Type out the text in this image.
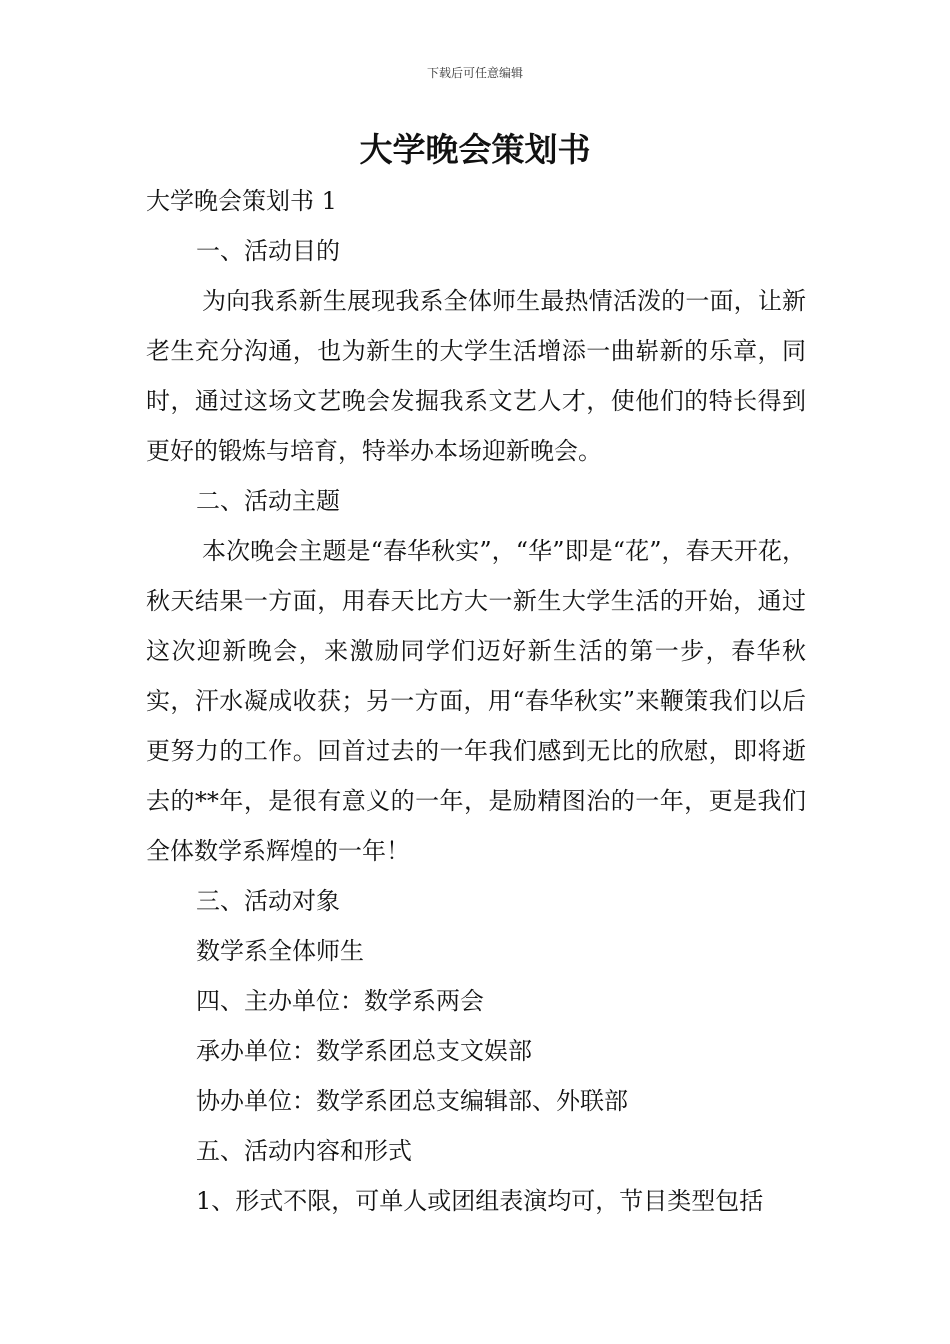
下载后可任意编辑
大学晚会策划书

大学晚会策划书 1

一、活动目的

为向我系新生展现我系全体师生最热情活泼的一面，让新老生充分沟通，也为新生的大学生活增添一曲崭新的乐章，同时，通过这场文艺晚会发掘我系文艺人才，使他们的特长得到更好的锻炼与培育，特举办本场迎新晚会。

二、活动主题

本次晚会主题是“春华秋实”，“华”即是“花”，春天开花，秋天结果一方面，用春天比方大一新生大学生活的开始，通过这次迎新晚会，来激励同学们迈好新生活的第一步，春华秋实，汗水凝成收获；另一方面，用“春华秋实”来鞭策我们以后更努力的工作。回首过去的一年我们感到无比的欣慰，即将逝去的**年，是很有意义的一年，是励精图治的一年，更是我们全体数学系辉煌的一年！

三、活动对象

数学系全体师生

四、主办单位：数学系两会

承办单位：数学系团总支文娱部

协办单位：数学系团总支编辑部、外联部

五、活动内容和形式

1、形式不限，可单人或团组表演均可，节目类型包括
